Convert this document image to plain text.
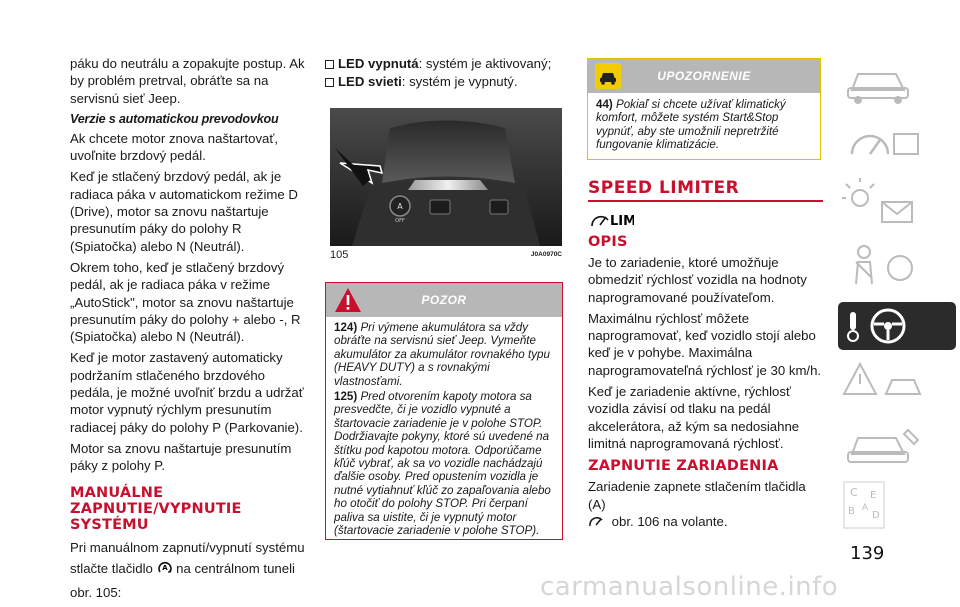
páku do neutrálu a zopakujte postup. Ak by problém pretrval, obráťte sa na servisnú sieť Jeep.

Verzie s automatickou prevodovkou

Ak chcete motor znova naštartovať, uvoľnite brzdový pedál.

Keď je stlačený brzdový pedál, ak je radiaca páka v automatickom režime D (Drive), motor sa znovu naštartuje presunutím páky do polohy R (Spiatočka) alebo N (Neutrál).

Okrem toho, keď je stlačený brzdový pedál, ak je radiaca páka v režime „AutoStick", motor sa znovu naštartuje presunutím páky do polohy + alebo -, R (Spiatočka) alebo N (Neutrál).

Keď je motor zastavený automaticky podržaním stlačeného brzdového pedála, je možné uvoľniť brzdu a udržať motor vypnutý rýchlym presunutím radiacej páky do polohy P (Parkovanie).

Motor sa znovu naštartuje presunutím páky z polohy P.

MANUÁLNE ZAPNUTIE/VYPNUTIE SYSTÉMU

Pri manuálnom zapnutí/vypnutí systému stlačte tlačidlo A na centrálnom tuneli obr. 105:

LED vypnutá: systém je aktivovaný;
LED svieti: systém je vypnutý.
A
OFF
105	J0A0970C
POZOR

124) Pri výmene akumulátora sa vždy obráťte na servisnú sieť Jeep. Vymeňte akumulátor za akumulátor rovnakého typu (HEAVY DUTY) a s rovnakými vlastnosťami.

125) Pred otvorením kapoty motora sa presvedčte, či je vozidlo vypnuté a štartovacie zariadenie je v polohe STOP. Dodržiavajte pokyny, ktoré sú uvedené na štítku pod kapotou motora. Odporúčame kľúč vybrať, ak sa vo vozidle nachádzajú ďalšie osoby. Pred opustením vozidla je nutné vytiahnuť kľúč zo zapaľovania alebo ho otočiť do polohy STOP. Pri čerpaní paliva sa uistite, či je vypnutý motor (štartovacie zariadenie v polohe STOP).

UPOZORNENIE

44) Pokiaľ si chcete užívať klimatický komfort, môžete systém Start&Stop vypnúť, aby ste umožnili nepretržité fungovanie klimatizácie.

SPEED LIMITER
LIM
OPIS

Je to zariadenie, ktoré umožňuje obmedziť rýchlosť vozidla na hodnoty naprogramované používateľom.

Maximálnu rýchlosť môžete naprogramovať, keď vozidlo stojí alebo keď je v pohybe. Maximálna naprogramovateľná rýchlosť je 30 km/h.

Keď je zariadenie aktívne, rýchlosť vozidla závisí od tlaku na pedál akcelerátora, až kým sa nedosiahne limitná naprogramovaná rýchlosť.

ZAPNUTIE ZARIADENIA

Zariadenie zapnete stlačením tlačidla (A)
obr. 106 na volante.

C E
B A
D
139
carmanualsonline.info
